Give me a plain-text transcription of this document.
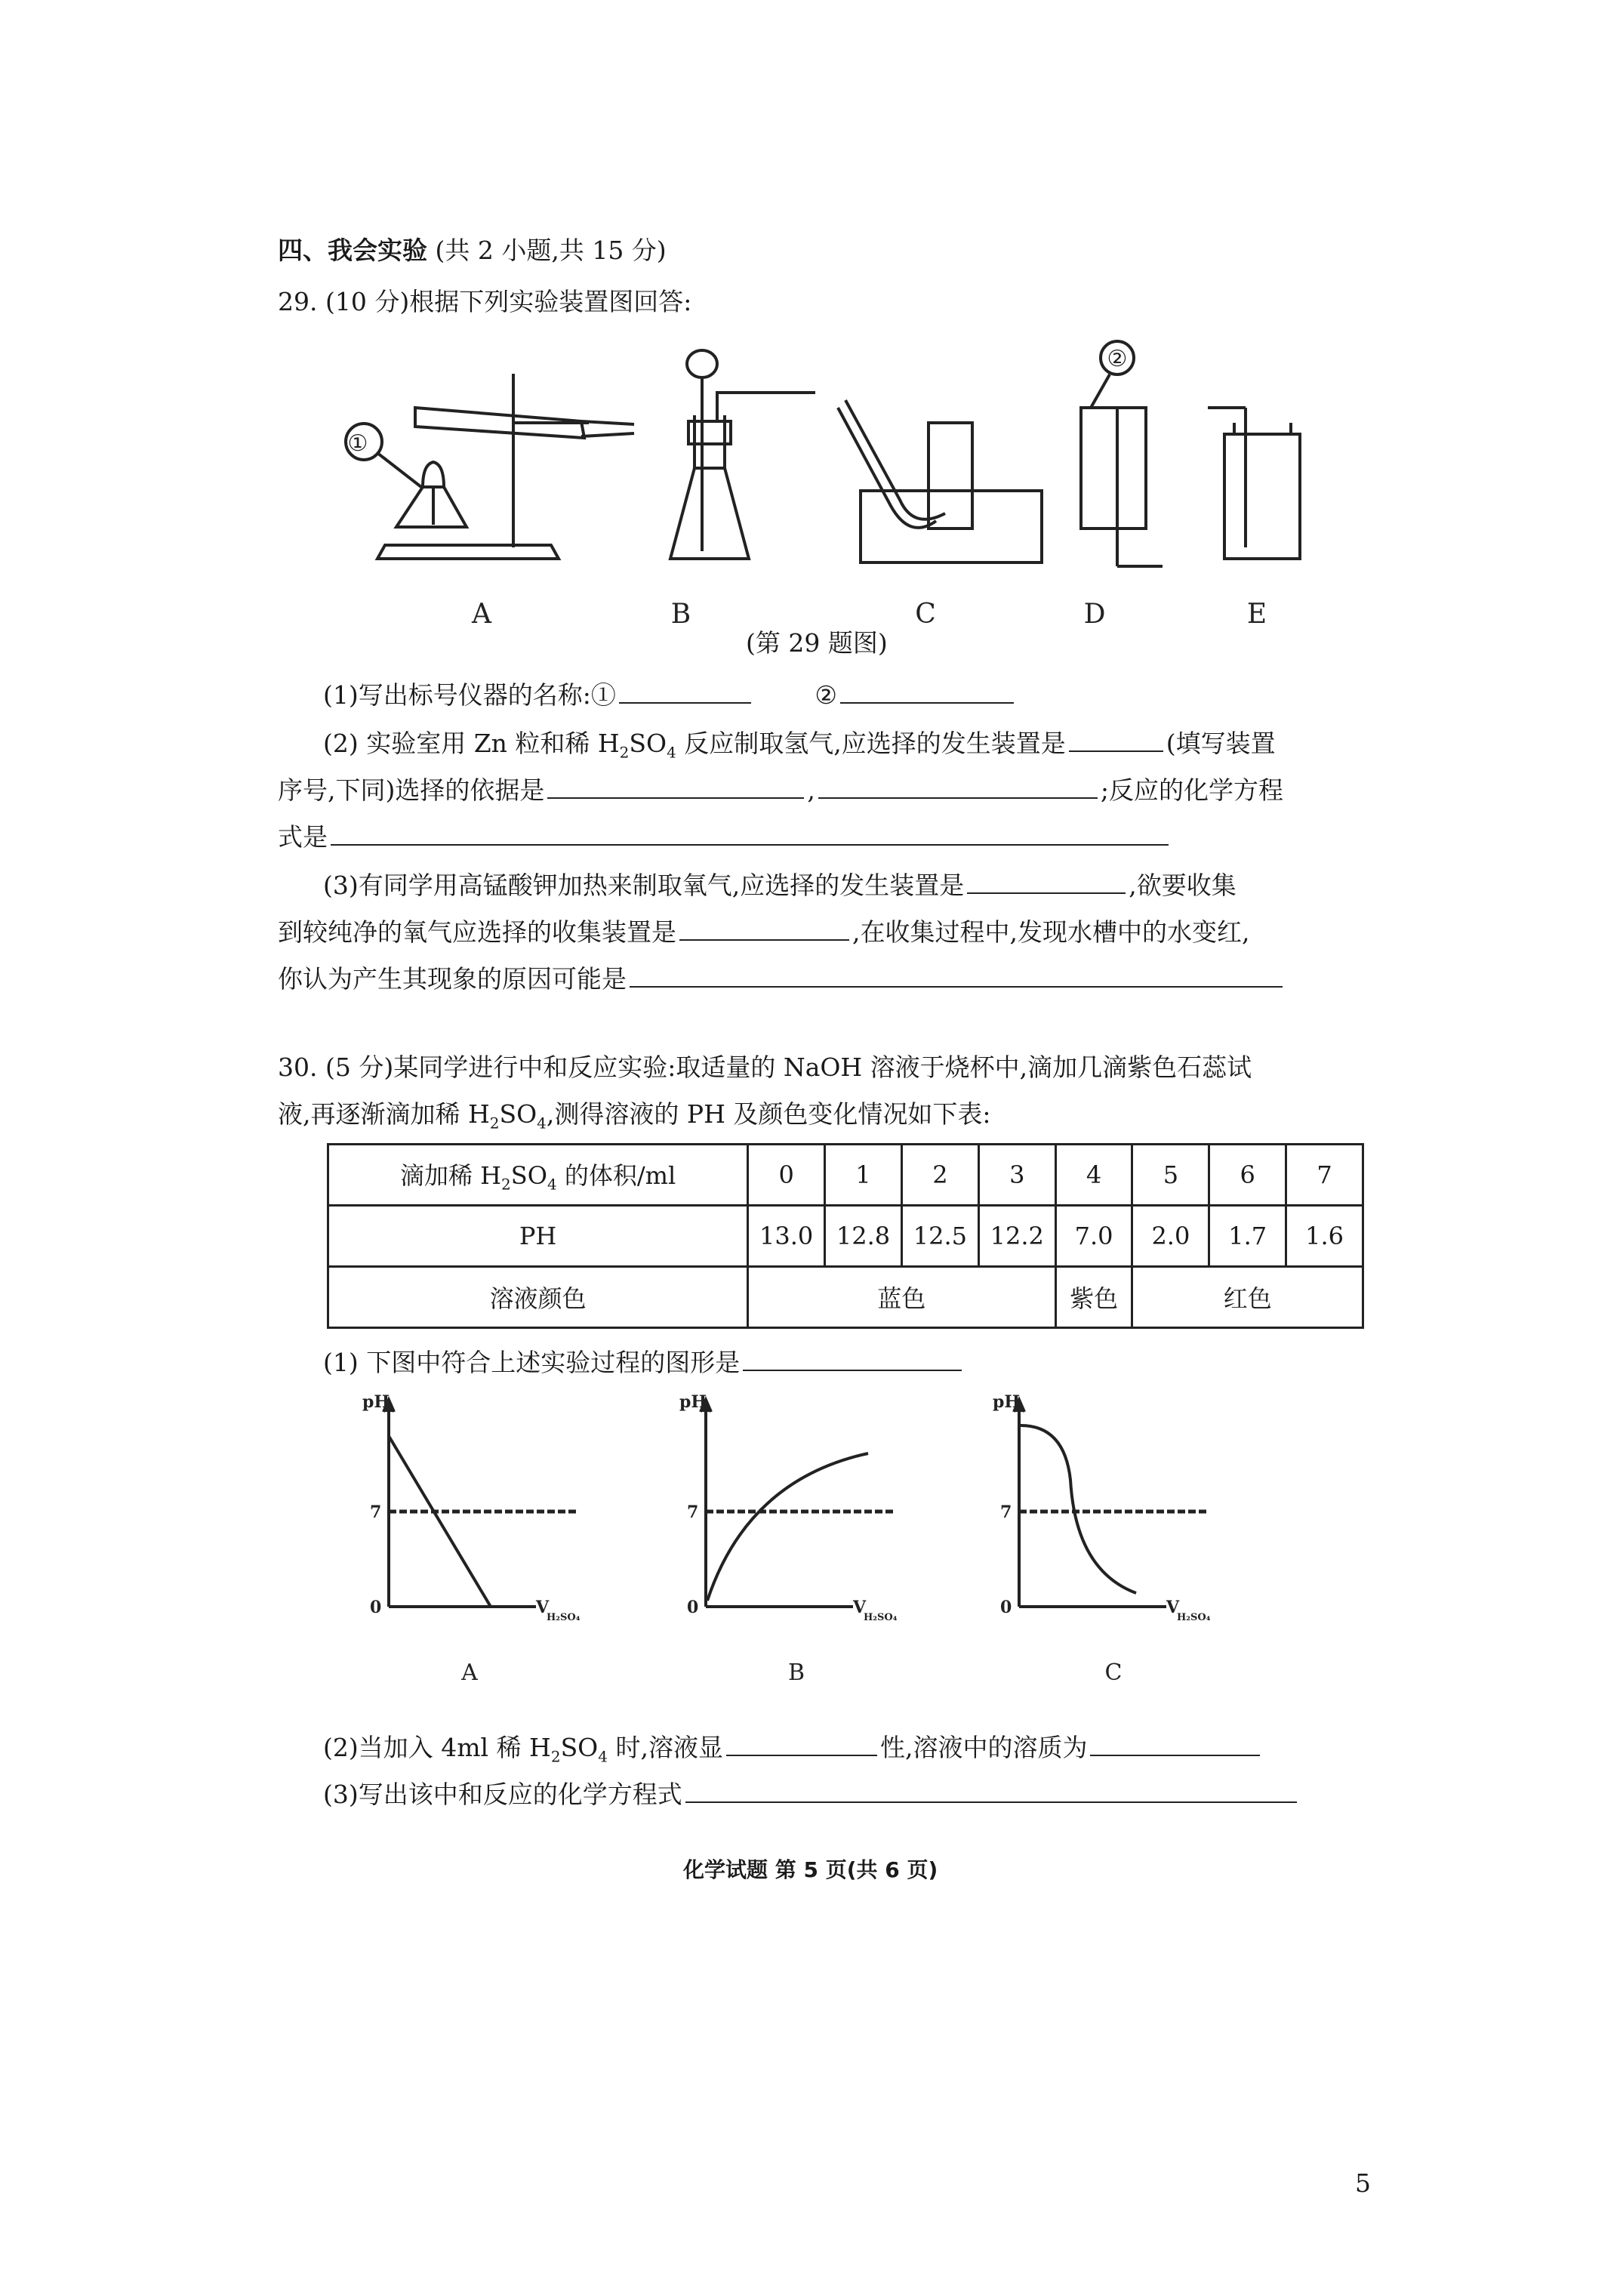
四、我会实验 (共 2 小题,共 15 分)
29. (10 分)根据下列实验装置图回答:
①
②
A	B	C	D	E
(第 29 题图)
(1)写出标号仪器的名称:①	②
(2) 实验室用 Zn 粒和稀 $H_2SO_4$ 反应制取氢气,应选择的发生装置是	(填写装置
序号,下同)选择的依据是	,	;反应的化学方程
式是
(3)有同学用高锰酸钾加热来制取氧气,应选择的发生装置是	,欲要收集
到较纯净的氧气应选择的收集装置是	,在收集过程中,发现水槽中的水变红,
你认为产生其现象的原因可能是
30. (5 分)某同学进行中和反应实验:取适量的 NaOH 溶液于烧杯中,滴加几滴紫色石蕊试
液,再逐渐滴加稀 $H_2SO_4$,测得溶液的 PH 及颜色变化情况如下表:
滴加稀 $H_2SO_4$ 的体积/ml	0	1	2	3	4	5	6	7
PH	13.0	12.8	12.5	12.2	7.0	2.0	1.7	1.6
溶液颜色	蓝色				紫色	红色		
(1) 下图中符合上述实验过程的图形是
pH
7
0	V
H₂SO₄
pH
7
0	V
H₂SO₄
pH
7
0	V
H₂SO₄
A	B	C
(2)当加入 4ml 稀 $H_2SO_4$ 时,溶液显	性,溶液中的溶质为
(3)写出该中和反应的化学方程式
化学试题 第 5 页(共 6 页)
5
